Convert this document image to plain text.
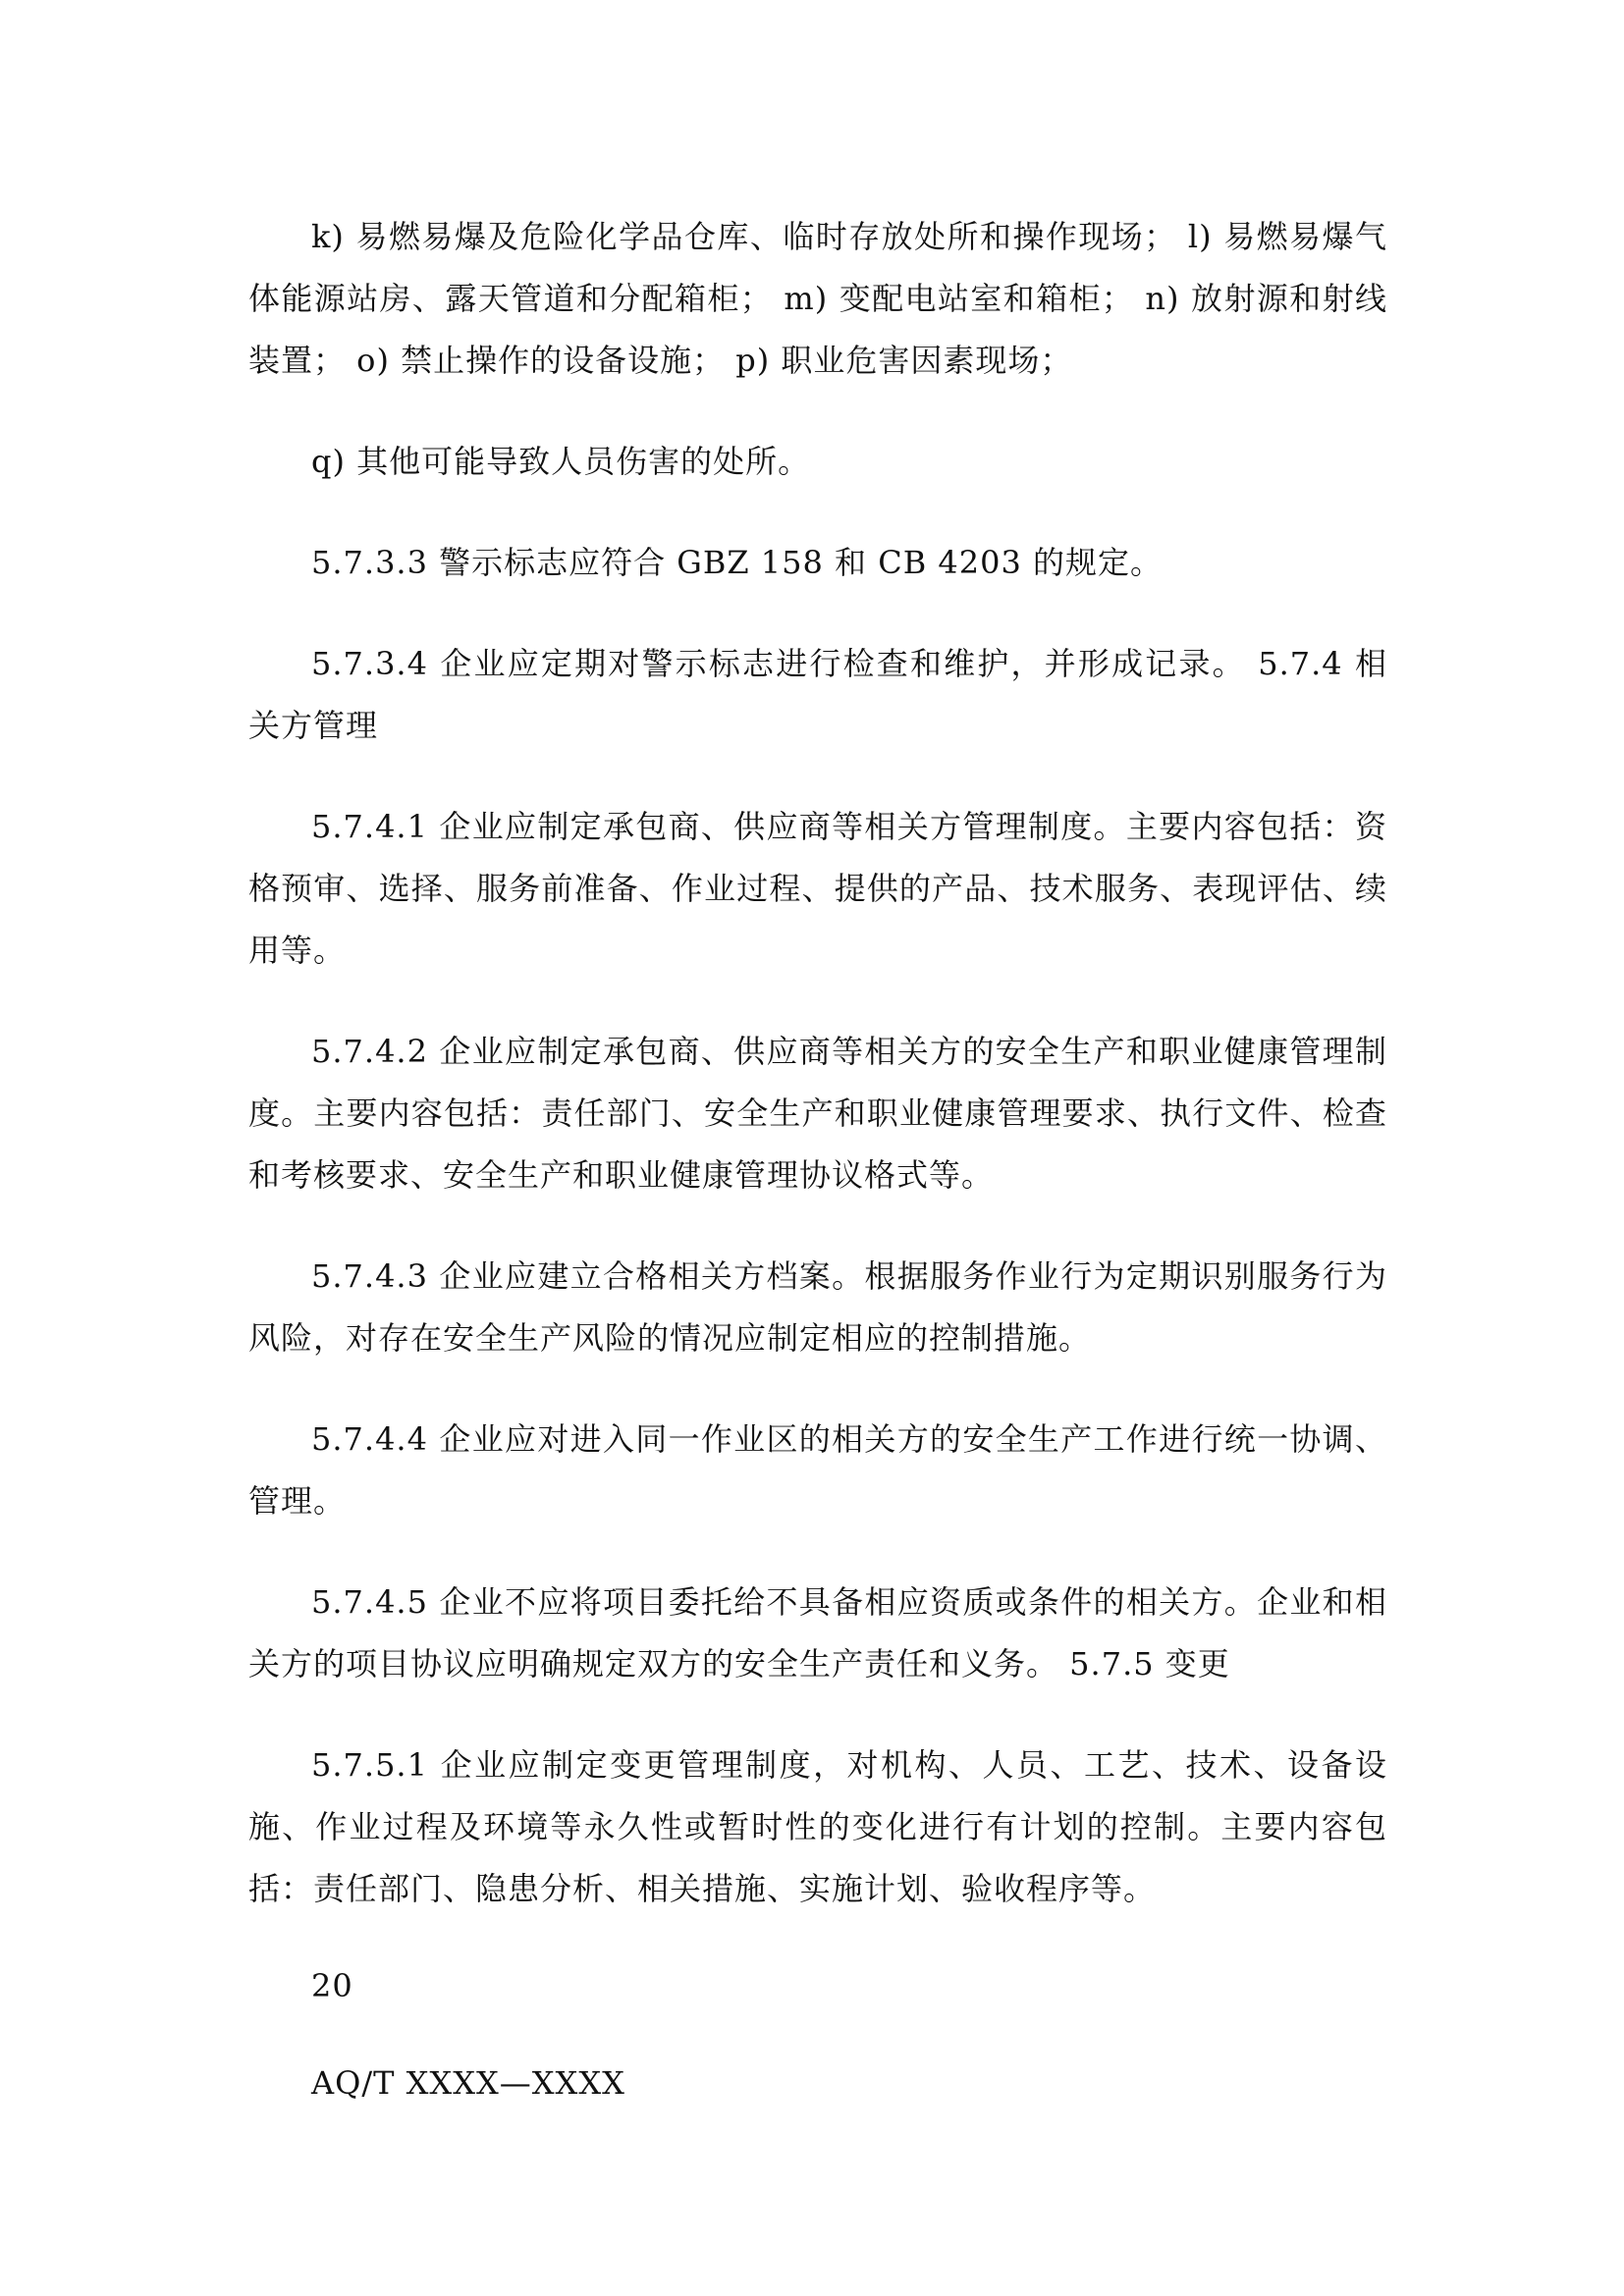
k) 易燃易爆及危险化学品仓库、临时存放处所和操作现场； l) 易燃易爆气体能源站房、露天管道和分配箱柜； m) 变配电站室和箱柜； n) 放射源和射线装置； o) 禁止操作的设备设施； p) 职业危害因素现场；

q) 其他可能导致人员伤害的处所。

5.7.3.3 警示标志应符合 GBZ 158 和 CB 4203 的规定。

5.7.3.4 企业应定期对警示标志进行检查和维护，并形成记录。 5.7.4 相关方管理

5.7.4.1 企业应制定承包商、供应商等相关方管理制度。主要内容包括：资格预审、选择、服务前准备、作业过程、提供的产品、技术服务、表现评估、续用等。

5.7.4.2 企业应制定承包商、供应商等相关方的安全生产和职业健康管理制度。主要内容包括：责任部门、安全生产和职业健康管理要求、执行文件、检查和考核要求、安全生产和职业健康管理协议格式等。

5.7.4.3 企业应建立合格相关方档案。根据服务作业行为定期识别服务行为风险，对存在安全生产风险的情况应制定相应的控制措施。

5.7.4.4 企业应对进入同一作业区的相关方的安全生产工作进行统一协调、管理。

5.7.4.5 企业不应将项目委托给不具备相应资质或条件的相关方。企业和相关方的项目协议应明确规定双方的安全生产责任和义务。 5.7.5 变更

5.7.5.1 企业应制定变更管理制度，对机构、人员、工艺、技术、设备设施、作业过程及环境等永久性或暂时性的变化进行有计划的控制。主要内容包括：责任部门、隐患分析、相关措施、实施计划、验收程序等。

20

AQ/T XXXX—XXXX
